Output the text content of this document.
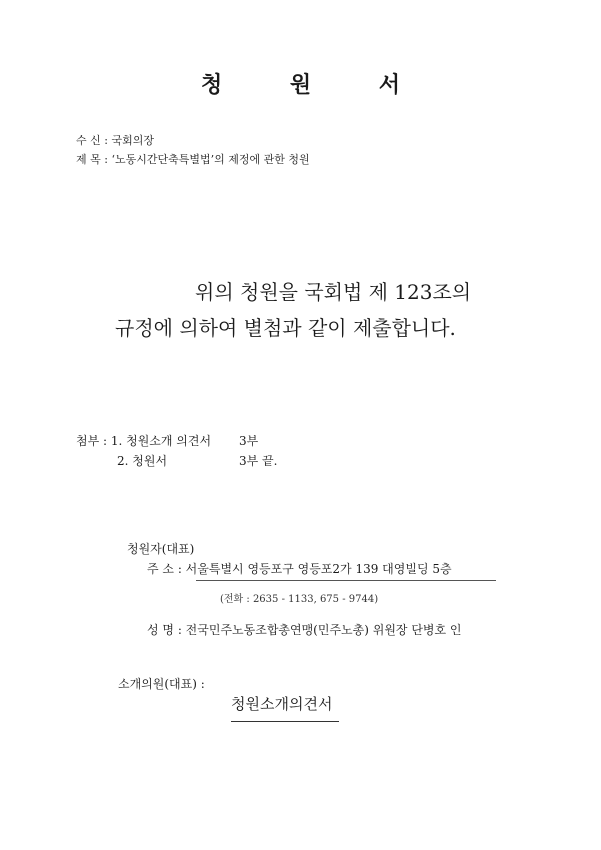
청 원 서
수 신 : 국회의장
제 목 : ‘노동시간단축특별법’의 제정에 관한 청원
위의 청원을 국회법 제 123조의
규정에 의하여 별첨과 같이 제출합니다.
첨부 : 1. 청원소개 의견서 3부
2. 청원서	3부 끝.
청원자(대표)
주 소 : 서울특별시 영등포구 영등포2가 139 대영빌딩 5층
(전화 : 2635 - 1133, 675 - 9744)
성 명 : 전국민주노동조합총연맹(민주노총) 위원장 단병호 인
소개의원(대표) :
청원소개의견서
